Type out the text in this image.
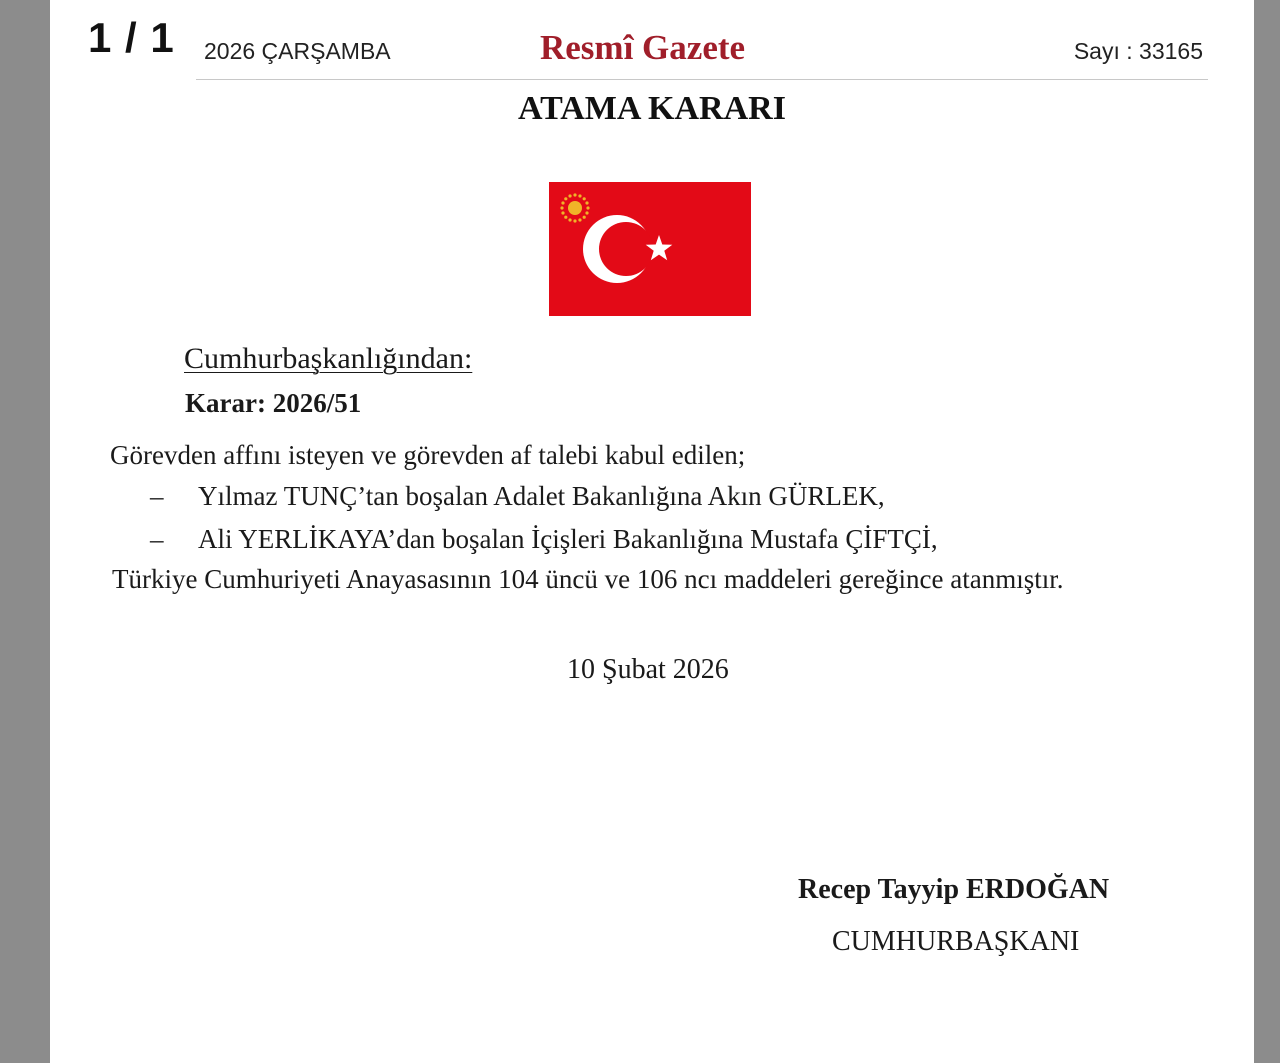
1 / 1 2026 ÇARŞAMBA	Resmî Gazete	Sayı : 33165
ATAMA KARARI
Cumhurbaşkanlığından:
Karar: 2026/51
Görevden affını isteyen ve görevden af talebi kabul edilen;
– Yılmaz TUNÇ’tan boşalan Adalet Bakanlığına Akın GÜRLEK,
– Ali YERLİKAYA’dan boşalan İçişleri Bakanlığına Mustafa ÇİFTÇİ,
Türkiye Cumhuriyeti Anayasasının 104 üncü ve 106 ncı maddeleri gereğince atanmıştır.
10 Şubat 2026
Recep Tayyip ERDOĞAN
CUMHURBAŞKANI
